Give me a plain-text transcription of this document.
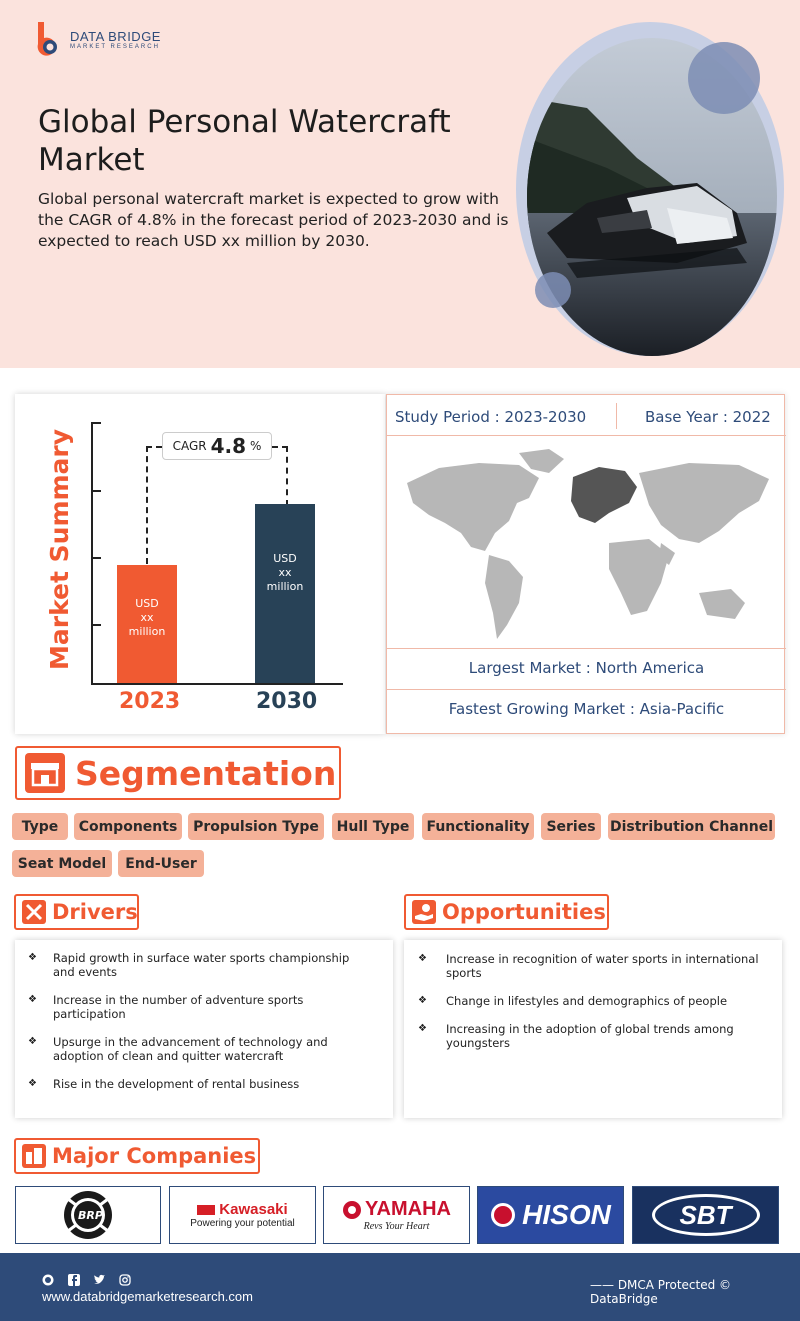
DATA BRIDGE
MARKET RESEARCH
Global Personal Watercraft Market

Global personal watercraft market is expected to grow with the CAGR of 4.8% in the forecast period of 2023-2030 and is expected to reach USD xx million by 2030.

Market Summary	CAGR 4.8 %
USD
xx
million
USD
xx
million
2023	2030
Study Period : 2023-2030	Base Year : 2022
Largest Market : North America
Fastest Growing Market : Asia-Pacific
Segmentation
Type	Components	Propulsion Type	Hull Type	Functionality	Series	Distribution Channel
Seat Model	End-User
Drivers
❖ Rapid growth in surface water sports championship
and events
❖ Increase in the number of adventure sports
participation
❖ Upsurge in the advancement of technology and
adoption of clean and quitter watercraft
❖ Rise in the development of rental business
Opportunities
❖ Increase in recognition of water sports in international
sports
❖ Change in lifestyles and demographics of people
❖ Increasing in the adoption of global trends among
youngsters
Major Companies
BRP	Kawasaki
Powering your potential
YAMAHA
Revs Your Heart	HISON	SBT
www.databridgemarketresearch.com
—— DMCA Protected © DataBridge
